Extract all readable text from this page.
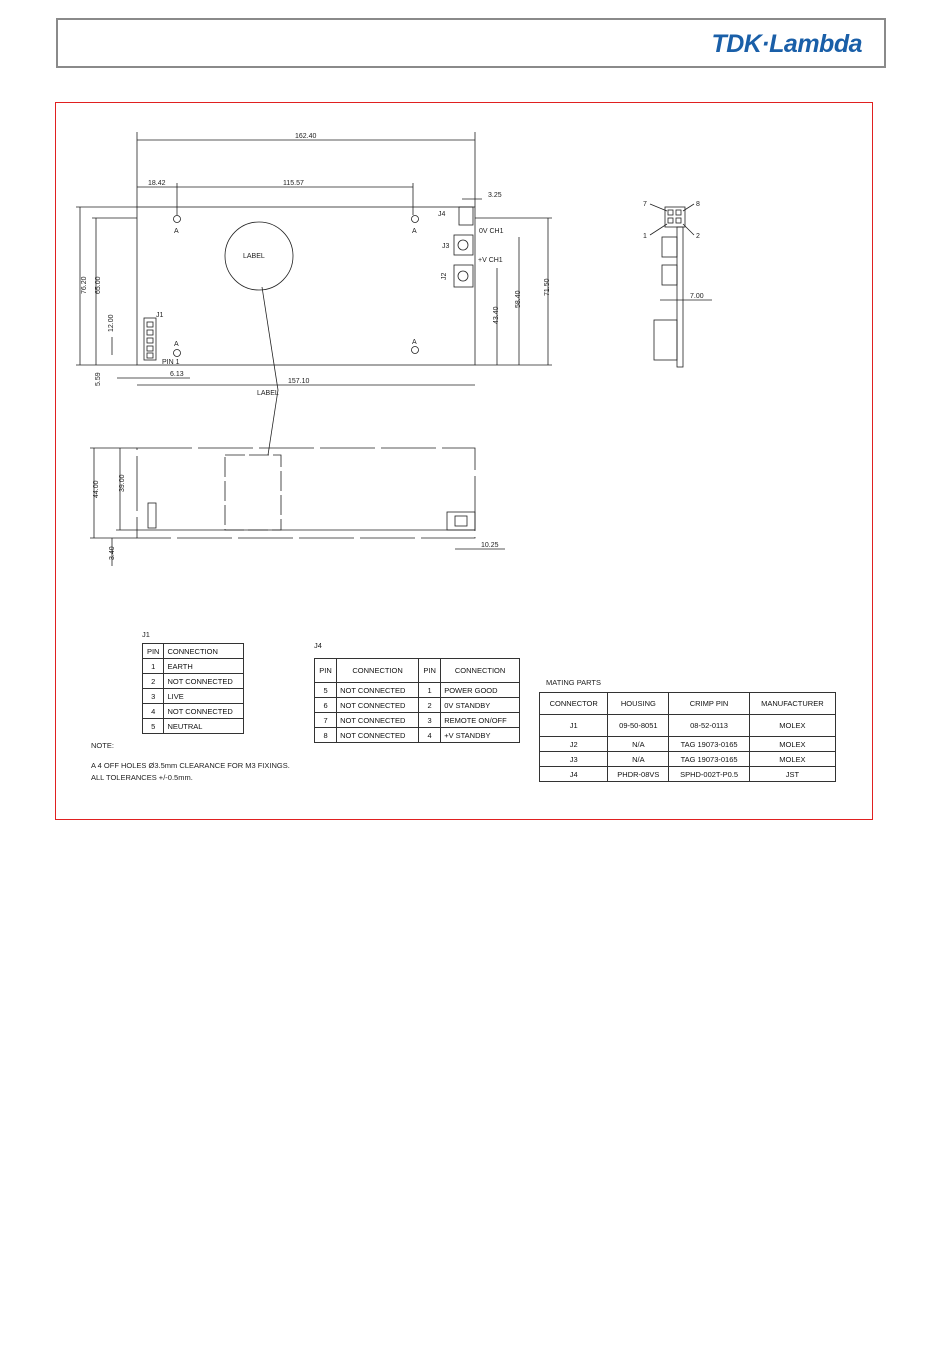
TDK·Lambda
162.40
18.42	115.57
3.25
A	A
A	A
LABEL
LABEL
J1
PIN 1
J4
J3
0V CH1
J2
+V CH1
76.20 65.00
12.00
5.59	6.13
157.10
43.40
58.40
71.50
7	8
1	2
7.00
44.00	39.00
3.40
10.25
J1
PIN	CONNECTION
1	EARTH
2	NOT CONNECTED
3	LIVE
4	NOT CONNECTED
5	NEUTRAL
J4
PIN	CONNECTION	PIN	CONNECTION
5	NOT CONNECTED	1	POWER GOOD
6	NOT CONNECTED	2	0V STANDBY
7	NOT CONNECTED	3	REMOTE ON/OFF
8	NOT CONNECTED	4	+V STANDBY
MATING PARTS
CONNECTOR	HOUSING	CRIMP PIN	MANUFACTURER
J1	09-50-8051	08-52-0113	MOLEX
J2	N/A	TAG 19073-0165	MOLEX
J3	N/A	TAG 19073-0165	MOLEX
J4	PHDR-08VS	SPHD-002T-P0.5	JST
NOTE:
A 4 OFF HOLES Ø3.5mm CLEARANCE FOR M3 FIXINGS.
ALL TOLERANCES +/-0.5mm.
